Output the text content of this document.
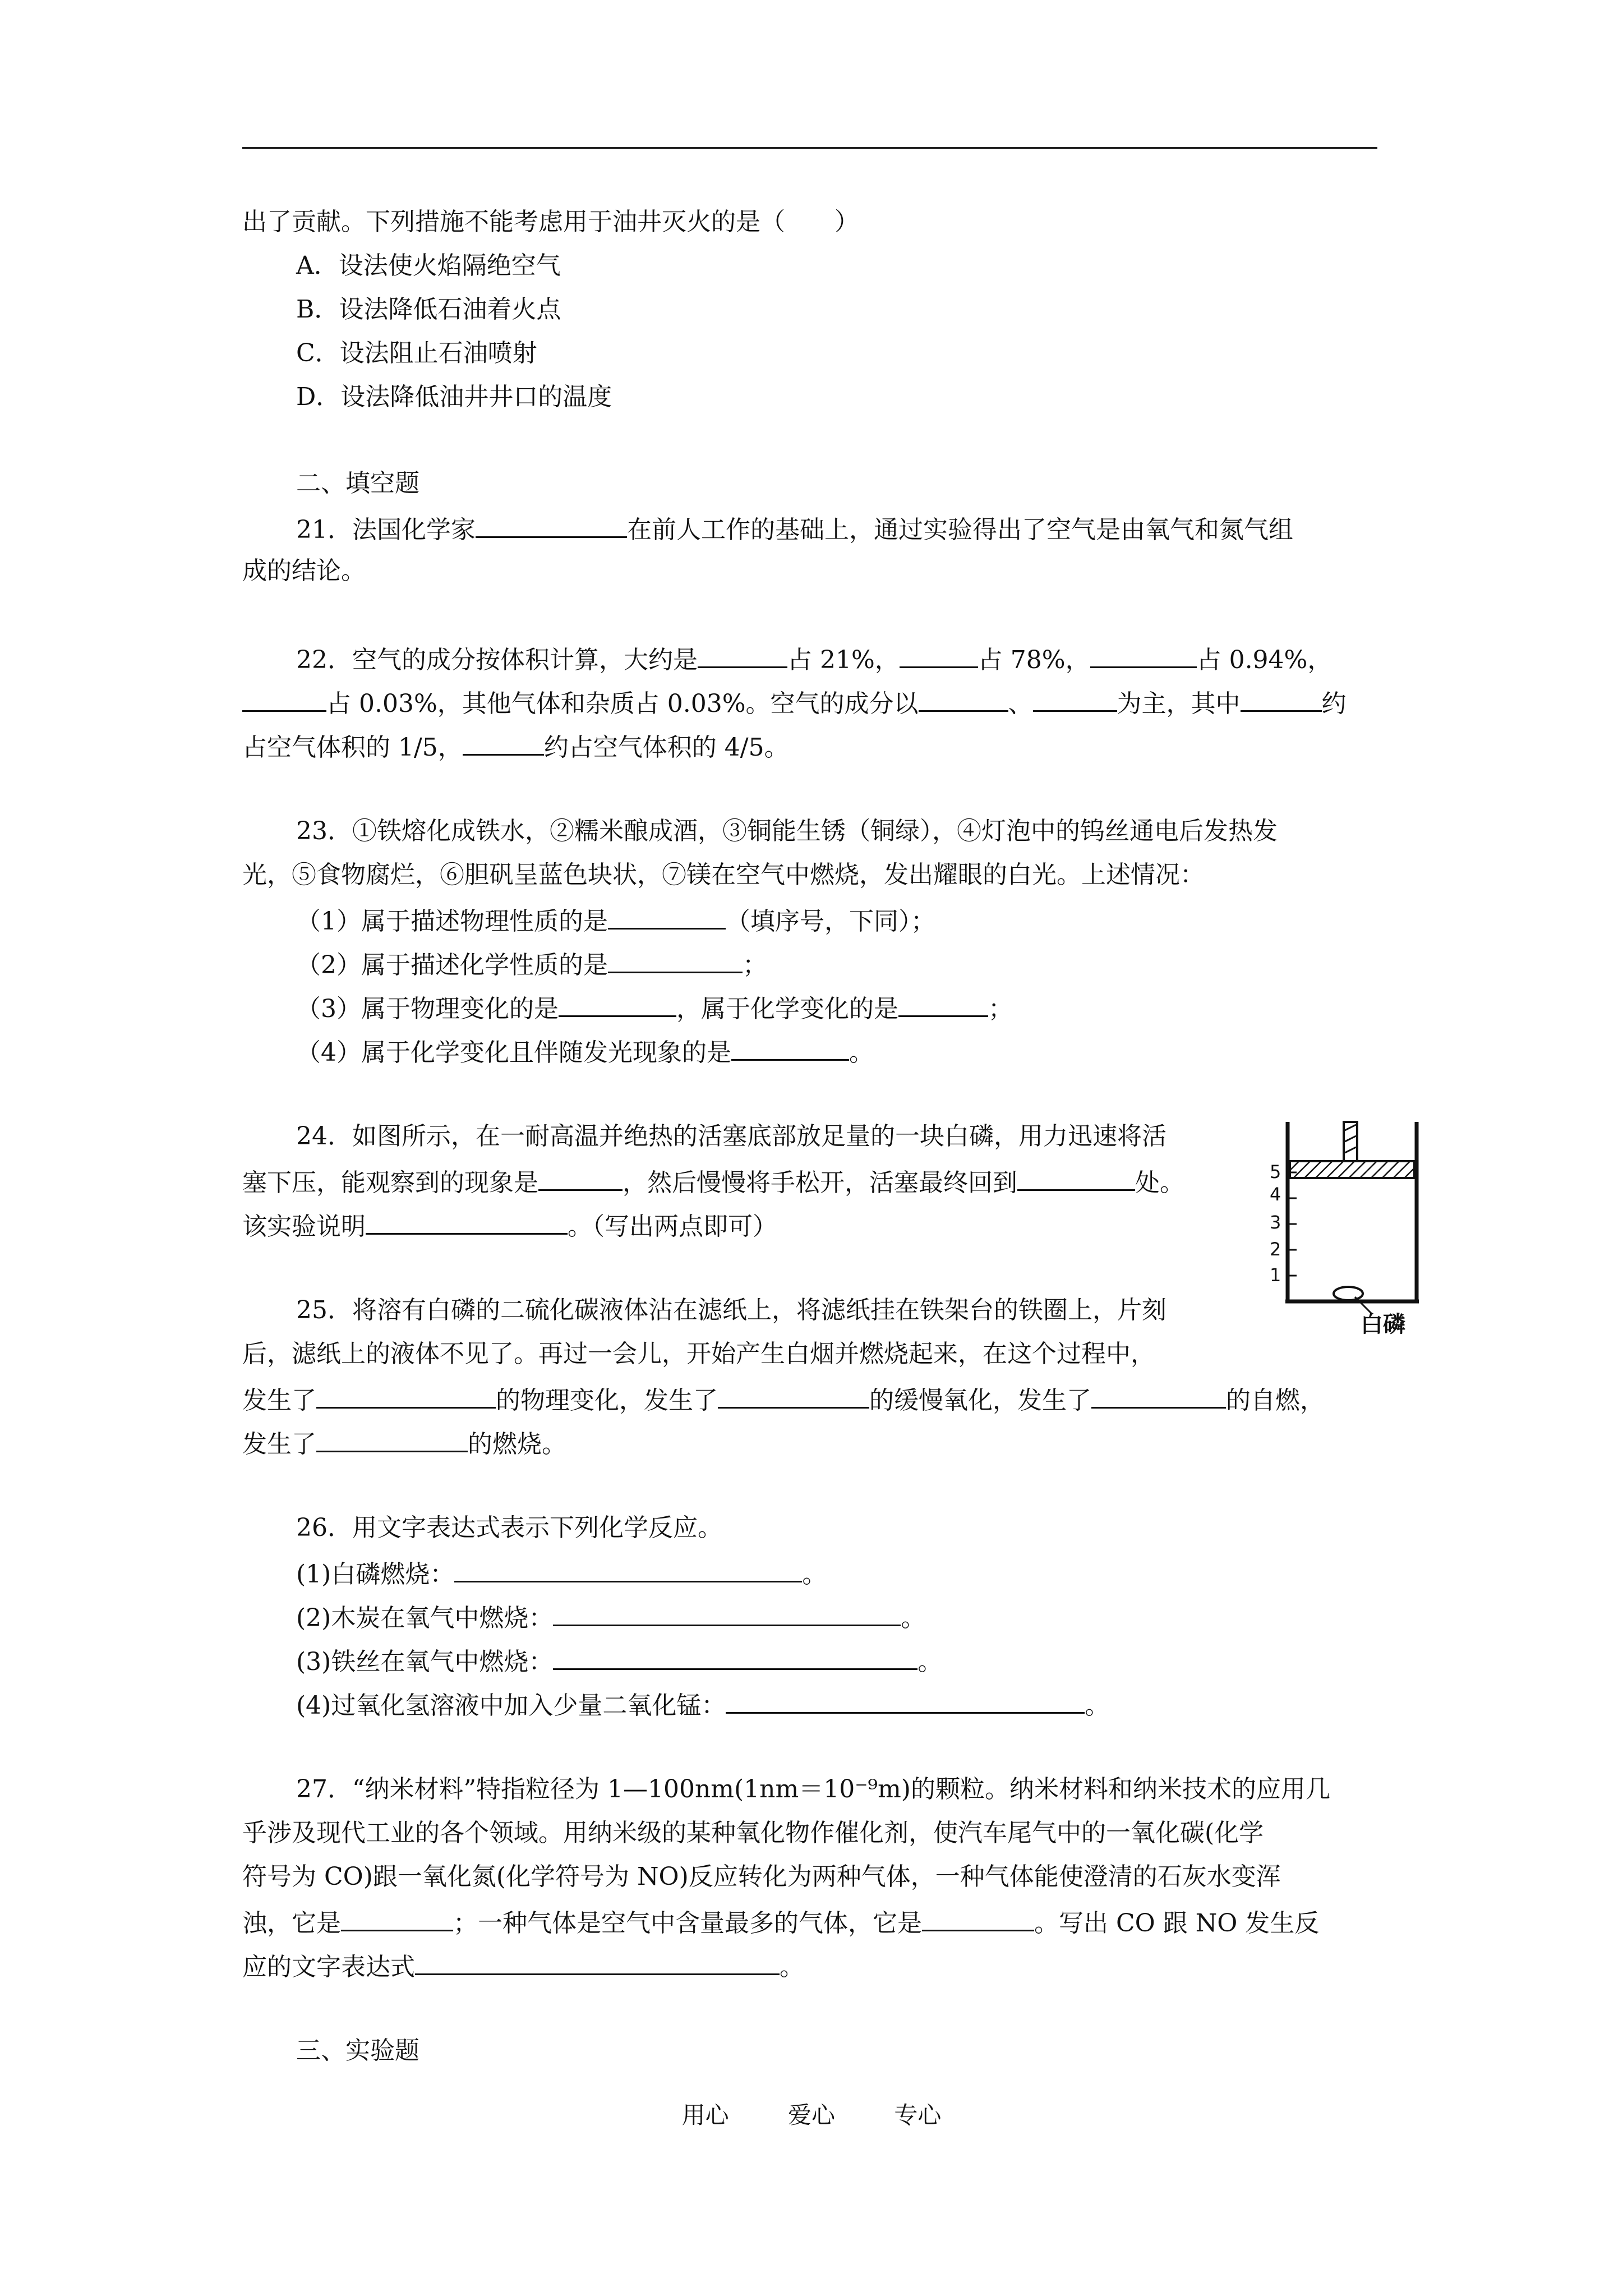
出了贡献。下列措施不能考虑用于油井灭火的是（　　）
A．设法使火焰隔绝空气
B．设法降低石油着火点
C．设法阻止石油喷射
D．设法降低油井井口的温度
二、填空题
21．法国化学家	在前人工作的基础上，通过实验得出了空气是由氧气和氮气组
成的结论。
22．空气的成分按体积计算，大约是	占 21%，	占 78%，	占 0.94%，
占 0.03%，其他气体和杂质占 0.03%。空气的成分以	、	为主，其中	约
占空气体积的 1/5，	约占空气体积的 4/5。
23．①铁熔化成铁水，②糯米酿成酒，③铜能生锈（铜绿），④灯泡中的钨丝通电后发热发
光，⑤食物腐烂，⑥胆矾呈蓝色块状，⑦镁在空气中燃烧，发出耀眼的白光。上述情况：
（1）属于描述物理性质的是	（填序号，下同）；
（2）属于描述化学性质的是	；
（3）属于物理变化的是	，属于化学变化的是	；
（4）属于化学变化且伴随发光现象的是	。
24．如图所示，在一耐高温并绝热的活塞底部放足量的一块白磷，用力迅速将活
塞下压，能观察到的现象是	，然后慢慢将手松开，活塞最终回到	处。
该实验说明	。（写出两点即可）
5
4
3
2
1
白磷
25．将溶有白磷的二硫化碳液体沾在滤纸上，将滤纸挂在铁架台的铁圈上，片刻
后，滤纸上的液体不见了。再过一会儿，开始产生白烟并燃烧起来，在这个过程中，
发生了	的物理变化，发生了	的缓慢氧化，发生了	的自燃，
发生了	的燃烧。
26．用文字表达式表示下列化学反应。
(1)白磷燃烧：	。
(2)木炭在氧气中燃烧：	。
(3)铁丝在氧气中燃烧：	。
(4)过氧化氢溶液中加入少量二氧化锰：	。
27．“纳米材料”特指粒径为 1—100nm(1nm＝10⁻⁹m)的颗粒。纳米材料和纳米技术的应用几
乎涉及现代工业的各个领域。用纳米级的某种氧化物作催化剂，使汽车尾气中的一氧化碳(化学
符号为 CO)跟一氧化氮(化学符号为 NO)反应转化为两种气体，一种气体能使澄清的石灰水变浑
浊，它是	；一种气体是空气中含量最多的气体，它是	。写出 CO 跟 NO 发生反
应的文字表达式	。
三、实验题
用心	爱心	专心
